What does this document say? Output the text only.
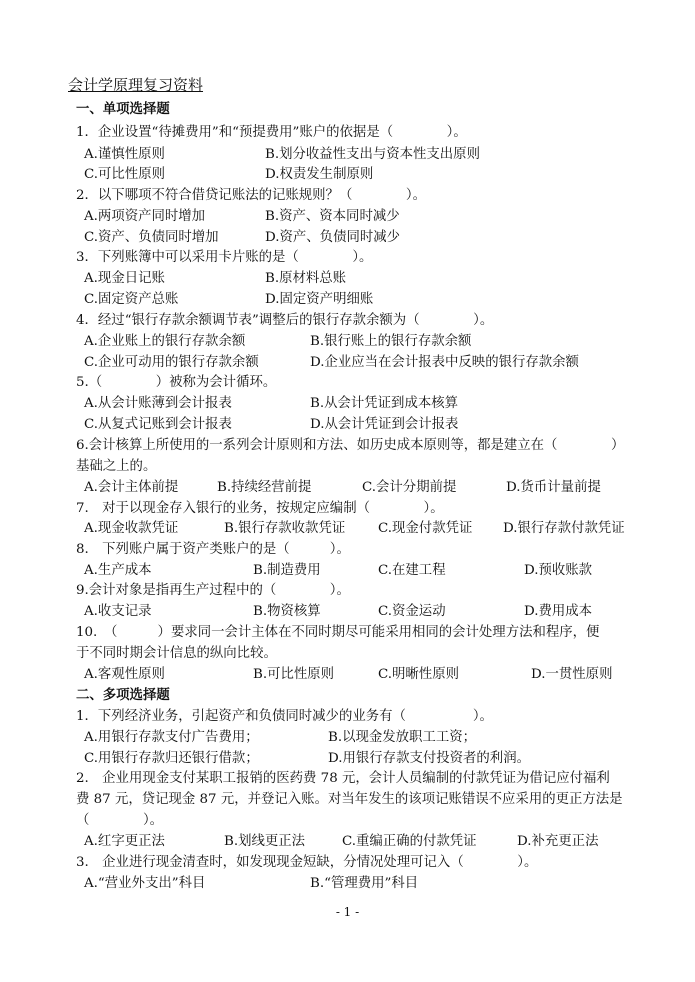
会计学原理复习资料
一、单项选择题
1．企业设置“待摊费用”和“预提费用”账户的依据是（　　　　）。
A.谨慎性原则	B.划分收益性支出与资本性支出原则
C.可比性原则	D.权责发生制原则
2．以下哪项不符合借贷记账法的记账规则？（　　　　）。
A.两项资产同时增加	B.资产、资本同时减少
C.资产、负债同时增加	D.资产、负债同时减少
3．下列账簿中可以采用卡片账的是（　　　　）。
A.现金日记账	B.原材料总账
C.固定资产总账	D.固定资产明细账
4．经过“银行存款余额调节表”调整后的银行存款余额为（　　　　）。
A.企业账上的银行存款余额	B.银行账上的银行存款余额
C.企业可动用的银行存款余额	D.企业应当在会计报表中反映的银行存款余额
5.（　　　　）被称为会计循环。
A.从会计账薄到会计报表	B.从会计凭证到成本核算
C.从复式记账到会计报表	D.从会计凭证到会计报表
6.会计核算上所使用的一系列会计原则和方法、如历史成本原则等，都是建立在（　　　　）
基础之上的。
A.会计主体前提	B.持续经营前提	C.会计分期前提	D.货币计量前提
7.　对于以现金存入银行的业务，按规定应编制（　　　　）。
A.现金收款凭证	B.银行存款收款凭证 C.现金付款凭证 D.银行存款付款凭证
8.　下列账户属于资产类账户的是（　　　）。
A.生产成本	B.制造费用	C.在建工程	D.预收账款
9.会计对象是指再生产过程中的（　　　　）。
A.收支记录	B.物资核算	C.资金运动	D.费用成本
10.　（　　　）要求同一会计主体在不同时期尽可能采用相同的会计处理方法和程序，便
于不同时期会计信息的纵向比较。
A.客观性原则	B.可比性原则	C.明晰性原则	D.一贯性原则
二、多项选择题
1．下列经济业务，引起资产和负债同时减少的业务有（　　　　　）。
A.用银行存款支付广告费用；	B.以现金发放职工工资；
C.用银行存款归还银行借款；	D.用银行存款支付投资者的利润。
2.　企业用现金支付某职工报销的医药费 78 元，会计人员编制的付款凭证为借记应付福利
费 87 元，贷记现金 87 元，并登记入账。对当年发生的该项记账错误不应采用的更正方法是
（　　　　）。
A.红字更正法	B.划线更正法	C.重编正确的付款凭证	D.补充更正法
3.　企业进行现金清查时，如发现现金短缺，分情况处理可记入（　　　　）。
A.“营业外支出”科目	B.“管理费用”科目
- 1 -
